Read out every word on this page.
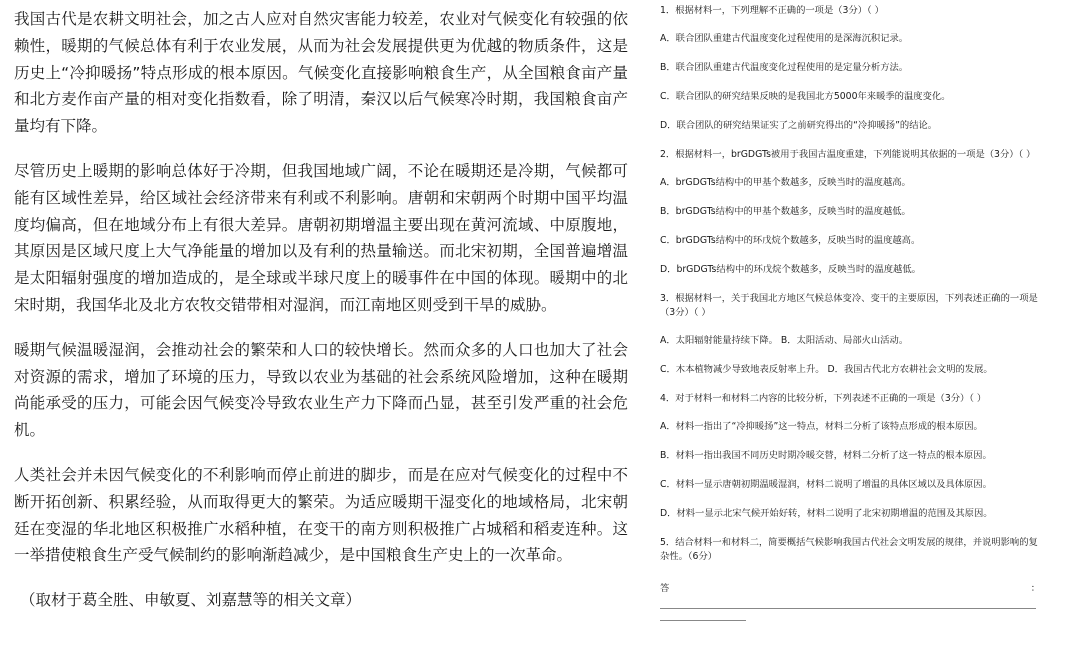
我国古代是农耕文明社会，加之古人应对自然灾害能力较差，农业对气候变化有较强的依赖性，暖期的气候总体有利于农业发展，从而为社会发展提供更为优越的物质条件，这是历史上“冷抑暖扬”特点形成的根本原因。气候变化直接影响粮食生产，从全国粮食亩产量和北方麦作亩产量的相对变化指数看，除了明清，秦汉以后气候寒冷时期，我国粮食亩产量均有下降。

尽管历史上暖期的影响总体好于冷期，但我国地域广阔，不论在暖期还是冷期，气候都可能有区域性差异，给区域社会经济带来有利或不利影响。唐朝和宋朝两个时期中国平均温度均偏高，但在地域分布上有很大差异。唐朝初期增温主要出现在黄河流域、中原腹地，其原因是区域尺度上大气净能量的增加以及有利的热量输送。而北宋初期，全国普遍增温是太阳辐射强度的增加造成的，是全球或半球尺度上的暖事件在中国的体现。暖期中的北宋时期，我国华北及北方农牧交错带相对湿润，而江南地区则受到干旱的威胁。

暖期气候温暖湿润，会推动社会的繁荣和人口的较快增长。然而众多的人口也加大了社会对资源的需求，增加了环境的压力，导致以农业为基础的社会系统风险增加，这种在暖期尚能承受的压力，可能会因气候变冷导致农业生产力下降而凸显，甚至引发严重的社会危机。

人类社会并未因气候变化的不利影响而停止前进的脚步，而是在应对气候变化的过程中不断开拓创新、积累经验，从而取得更大的繁荣。为适应暖期干湿变化的地域格局，北宋朝廷在变湿的华北地区积极推广水稻种植，在变干的南方则积极推广占城稻和稻麦连种。这一举措使粮食生产受气候制约的影响渐趋减少，是中国粮食生产史上的一次革命。

（取材于葛全胜、申敏夏、刘嘉慧等的相关文章）

1．根据材料一，下列理解不正确的一项是（3分）（ ）

A．联合团队重建古代温度变化过程使用的是深海沉积记录。

B．联合团队重建古代温度变化过程使用的是定量分析方法。

C．联合团队的研究结果反映的是我国北方5000年来暖季的温度变化。

D．联合团队的研究结果证实了之前研究得出的“冷抑暖扬”的结论。

2．根据材料一，brGDGTs被用于我国古温度重建，下列能说明其依据的一项是（3分）（ ）

A．brGDGTs结构中的甲基个数越多，反映当时的温度越高。

B．brGDGTs结构中的甲基个数越多，反映当时的温度越低。

C．brGDGTs结构中的环戊烷个数越多，反映当时的温度越高。

D．brGDGTs结构中的环戊烷个数越多，反映当时的温度越低。

3．根据材料一，关于我国北方地区气候总体变冷、变干的主要原因，下列表述正确的一项是（3分）（ ）

A．太阳辐射能量持续下降。 B．太阳活动、局部火山活动。

C．木本植物减少导致地表反射率上升。 D．我国古代北方农耕社会文明的发展。

4．对于材料一和材料二内容的比较分析，下列表述不正确的一项是（3分）（ ）

A．材料一指出了“冷抑暖扬”这一特点，材料二分析了该特点形成的根本原因。

B．材料一指出我国不同历史时期冷暖交替，材料二分析了这一特点的根本原因。

C．材料一显示唐朝初期温暖湿润，材料二说明了增温的具体区域以及具体原因。

D．材料一显示北宋气候开始好转，材料二说明了北宋初期增温的范围及其原因。

5．结合材料一和材料二，简要概括气候影响我国古代社会文明发展的规律，并说明影响的复杂性。（6分）

答	：
